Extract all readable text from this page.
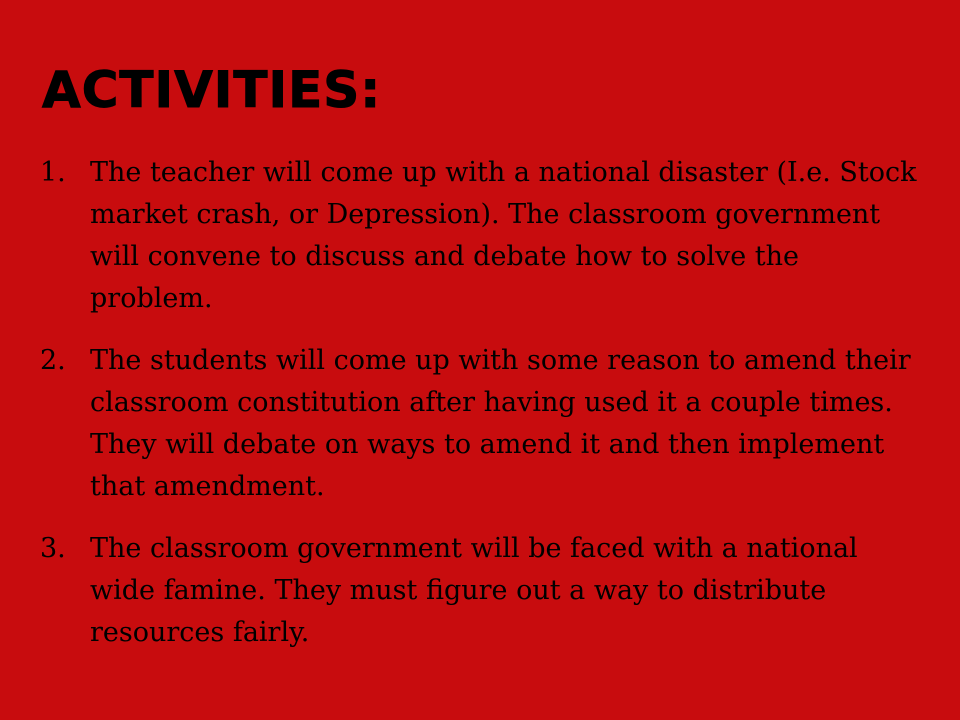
ACTIVITIES:
1. The teacher will come up with a national disaster (I.e. Stock market crash, or Depression). The classroom government will convene to discuss and debate how to solve the problem.
2. The students will come up with some reason to amend their classroom constitution after having used it a couple times. They will debate on ways to amend it and then implement that amendment.
3. The classroom government will be faced with a national wide famine. They must figure out a way to distribute resources fairly.
